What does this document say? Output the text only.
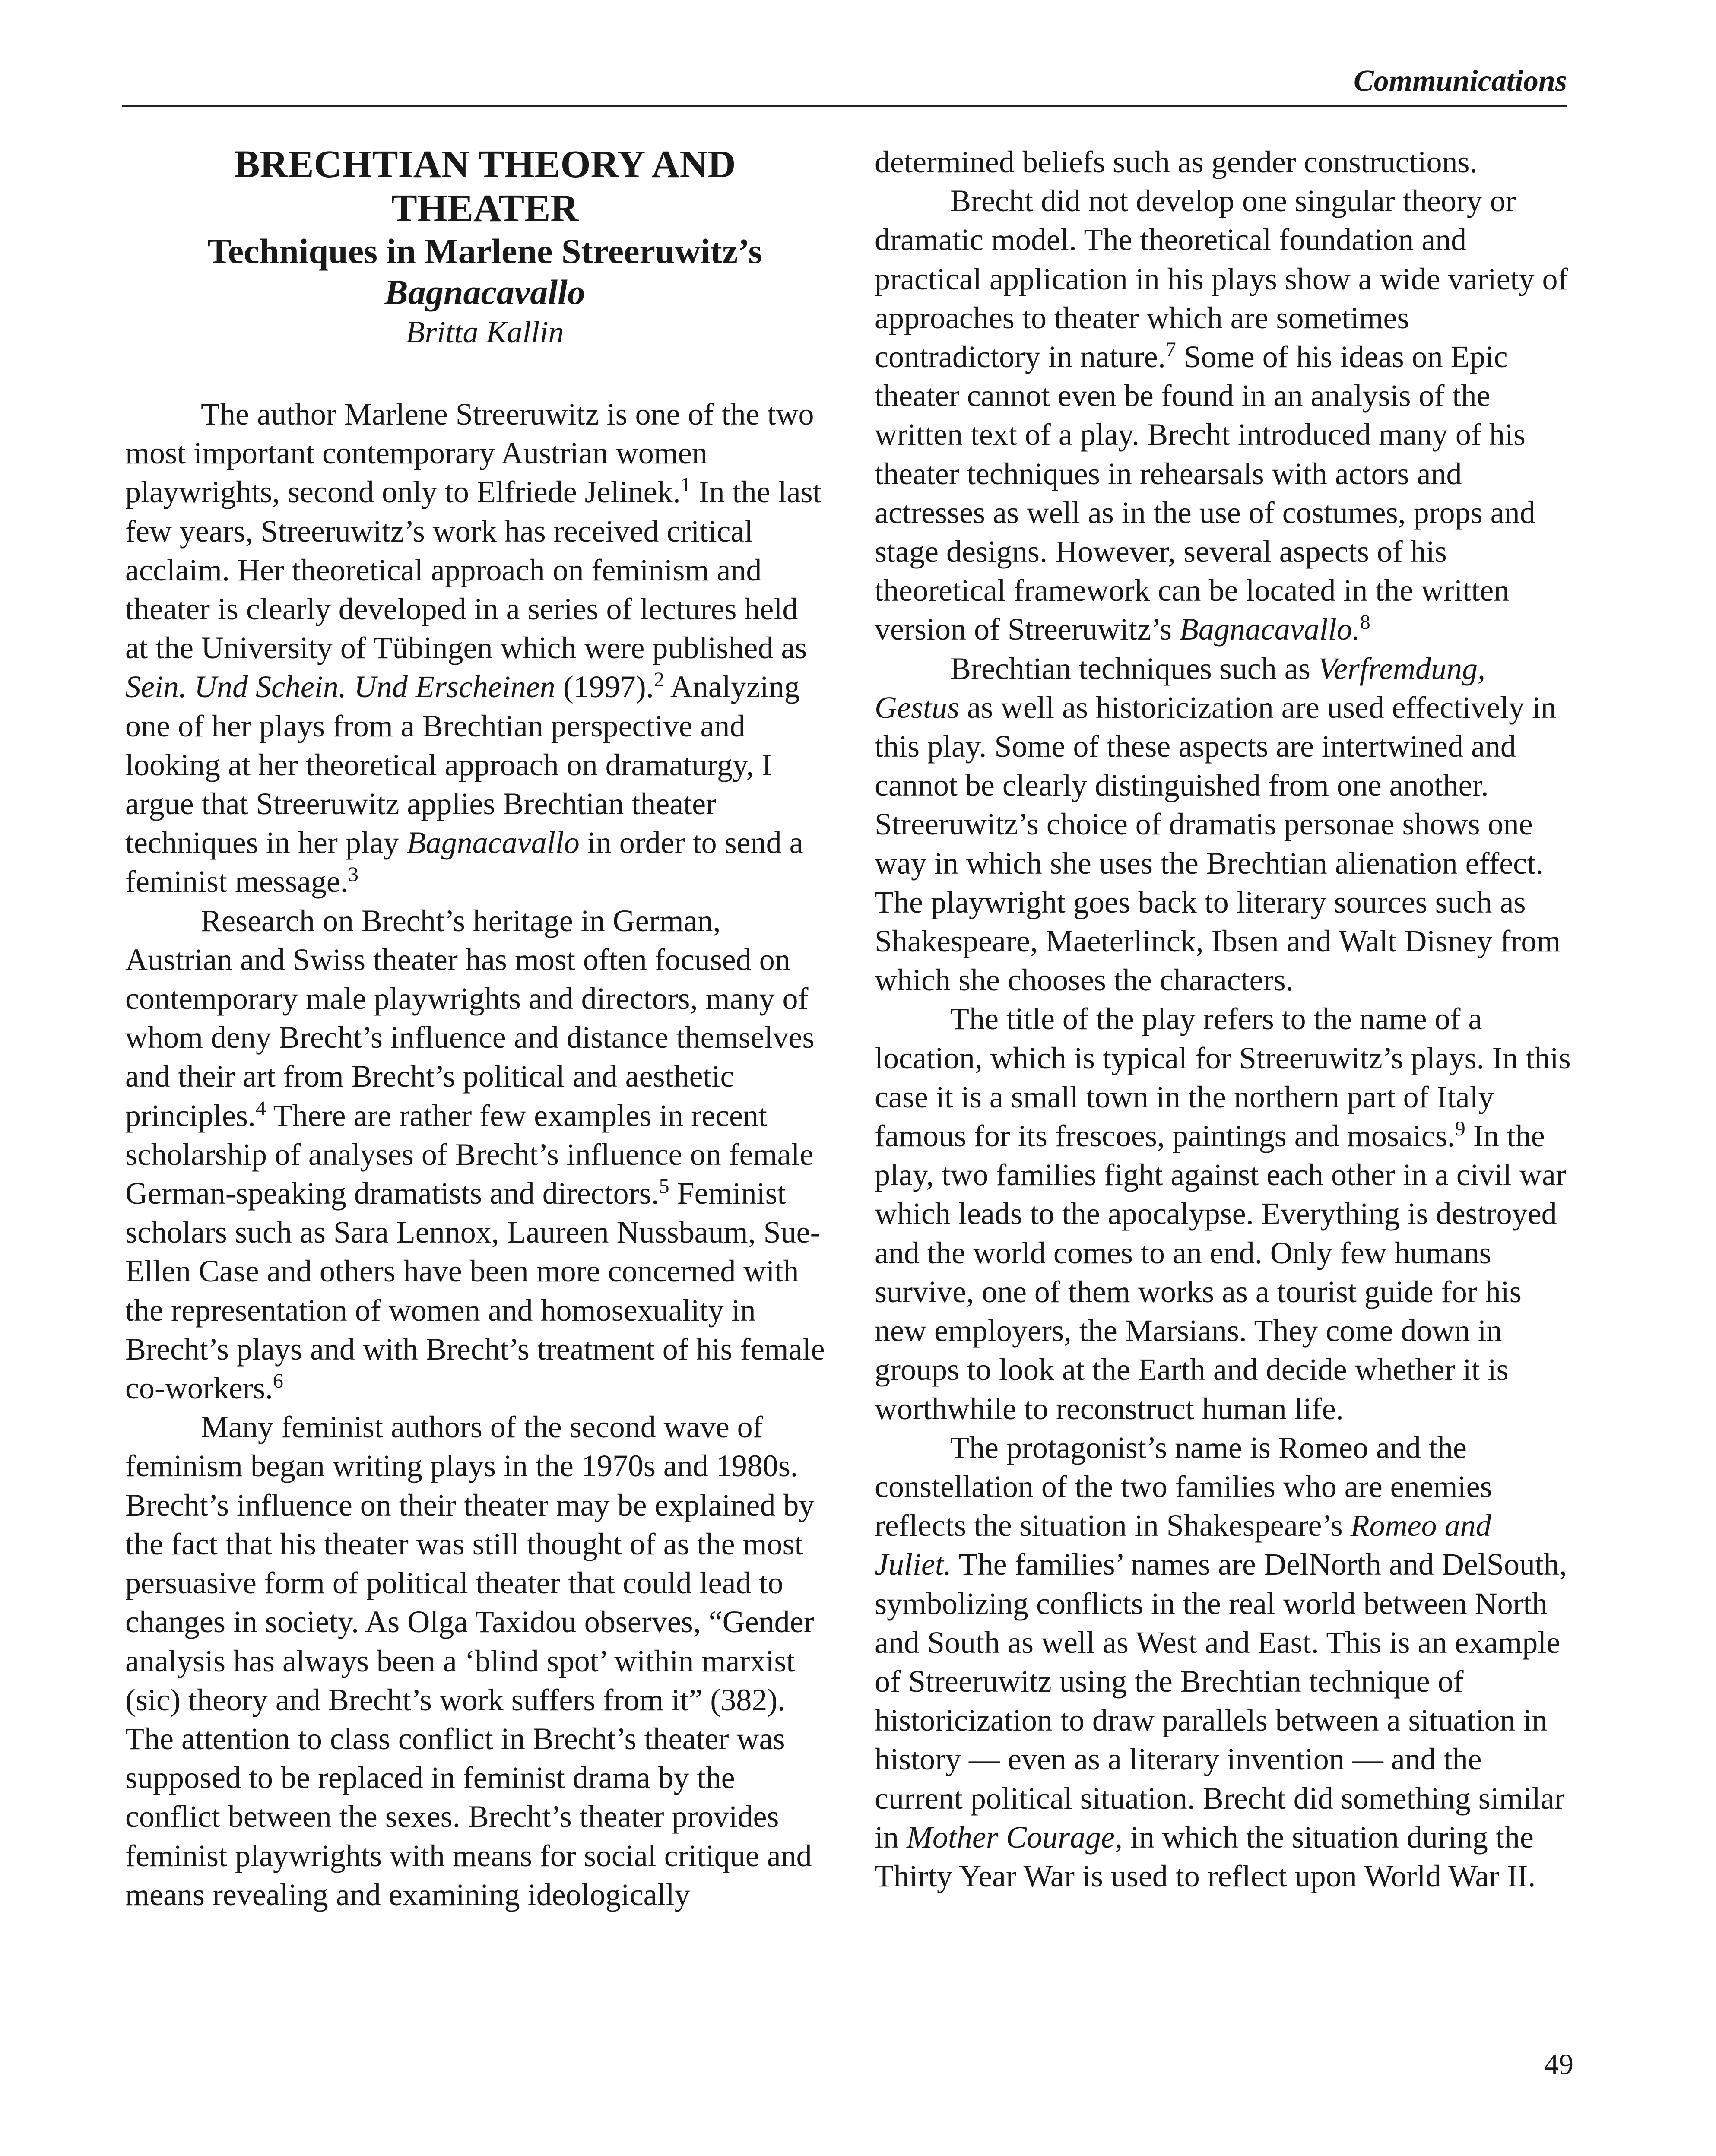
Communications
BRECHTIAN THEORY AND THEATER
Techniques in Marlene Streeruwitz’s
Bagnacavallo
Britta Kallin

The author Marlene Streeruwitz is one of the two most important contemporary Austrian women playwrights, second only to Elfriede Jelinek.$^1$ In the last few years, Streeruwitz’s work has received critical acclaim. Her theoretical approach on feminism and theater is clearly developed in a series of lectures held at the University of Tübingen which were published as Sein. Und Schein. Und Erscheinen (1997).$^2$ Analyzing one of her plays from a Brechtian perspective and looking at her theoretical approach on dramaturgy, I argue that Streeruwitz applies Brechtian theater techniques in her play Bagnacavallo in order to send a feminist message.$^3$

Research on Brecht’s heritage in German, Austrian and Swiss theater has most often focused on contemporary male playwrights and directors, many of whom deny Brecht’s influence and distance themselves and their art from Brecht’s political and aesthetic principles.$^4$ There are rather few examples in recent scholarship of analyses of Brecht’s influence on female German-speaking dramatists and directors.$^5$ Feminist scholars such as Sara Lennox, Laureen Nussbaum, Sue-Ellen Case and others have been more concerned with the representation of women and homosexuality in Brecht’s plays and with Brecht’s treatment of his female co-workers.$^6$

Many feminist authors of the second wave of feminism began writing plays in the 1970s and 1980s. Brecht’s influence on their theater may be explained by the fact that his theater was still thought of as the most persuasive form of political theater that could lead to changes in society. As Olga Taxidou observes, “Gender analysis has always been a ‘blind spot’ within marxist (sic) theory and Brecht’s work suffers from it” (382). The attention to class conflict in Brecht’s theater was supposed to be replaced in feminist drama by the conflict between the sexes. Brecht’s theater provides feminist playwrights with means for social critique and means revealing and examining ideologically

determined beliefs such as gender constructions.

Brecht did not develop one singular theory or dramatic model. The theoretical foundation and practical application in his plays show a wide variety of approaches to theater which are sometimes contradictory in nature.$^7$ Some of his ideas on Epic theater cannot even be found in an analysis of the written text of a play. Brecht introduced many of his theater techniques in rehearsals with actors and actresses as well as in the use of costumes, props and stage designs. However, several aspects of his theoretical framework can be located in the written version of Streeruwitz’s Bagnacavallo.$^8$

Brechtian techniques such as Verfremdung, Gestus as well as historicization are used effectively in this play. Some of these aspects are intertwined and cannot be clearly distinguished from one another. Streeruwitz’s choice of dramatis personae shows one way in which she uses the Brechtian alienation effect. The playwright goes back to literary sources such as Shakespeare, Maeterlinck, Ibsen and Walt Disney from which she chooses the characters.

The title of the play refers to the name of a location, which is typical for Streeruwitz’s plays. In this case it is a small town in the northern part of Italy famous for its frescoes, paintings and mosaics.$^9$ In the play, two families fight against each other in a civil war which leads to the apocalypse. Everything is destroyed and the world comes to an end. Only few humans survive, one of them works as a tourist guide for his new employers, the Marsians. They come down in groups to look at the Earth and decide whether it is worthwhile to reconstruct human life.

The protagonist’s name is Romeo and the constellation of the two families who are enemies reflects the situation in Shakespeare’s Romeo and Juliet. The families’ names are DelNorth and DelSouth, symbolizing conflicts in the real world between North and South as well as West and East. This is an example of Streeruwitz using the Brechtian technique of historicization to draw parallels between a situation in history — even as a literary invention — and the current political situation. Brecht did something similar in Mother Courage, in which the situation during the Thirty Year War is used to reflect upon World War II.

49
